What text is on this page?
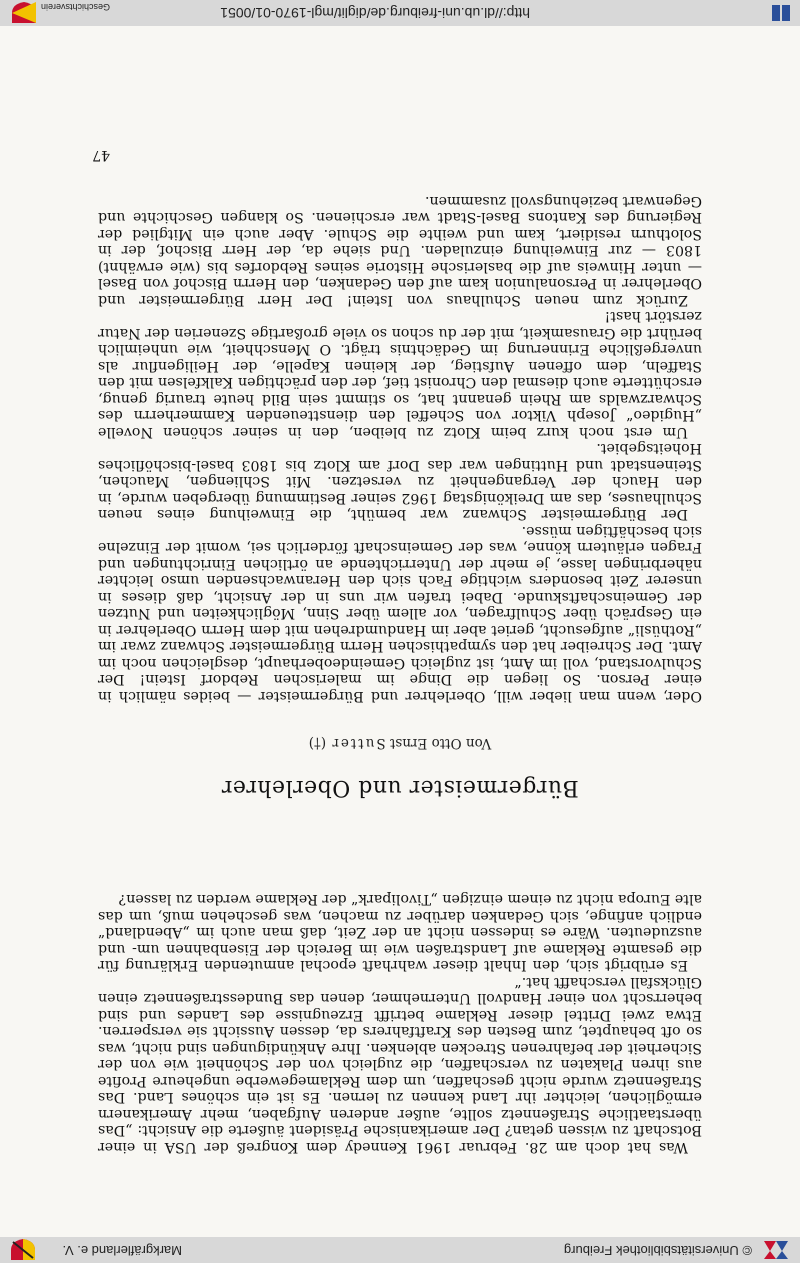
© Universitätsbibliothek Freiburg
Markgräflerland e. V.

Was hat doch am 28. Februar 1961 Kennedy dem Kongreß der USA in einer Botschaft zu wissen getan? Der amerikanische Präsident äußerte die Ansicht: „Das überstaatliche Straßennetz sollte, außer anderen Aufgaben, mehr Amerikanern ermöglichen, leichter ihr Land kennen zu lernen. Es ist ein schönes Land. Das Straßennetz wurde nicht geschaffen, um dem Reklamegewerbe ungeheure Profite aus ihren Plakaten zu verschaffen, die zugleich von der Schönheit wie von der Sicherheit der befahrenen Strecken ablenken. Ihre Ankündigungen sind nicht, was so oft behauptet, zum Besten des Kraftfahrers da, dessen Aussicht sie versperren. Etwa zwei Drittel dieser Reklame betrifft Erzeugnisse des Landes und sind beherrscht von einer Handvoll Unternehmer, denen das Bundesstraßennetz einen Glücksfall verschafft hat.“

Es erübrigt sich, den Inhalt dieser wahrhaft epochal anmutenden Erklärung für die gesamte Reklame auf Landstraßen wie im Bereich der Eisenbahnen um- und auszudeuten. Wäre es indessen nicht an der Zeit, daß man auch im „Abendland“ endlich anfinge, sich Gedanken darüber zu machen, was geschehen muß, um das alte Europa nicht zu einem einzigen „Tivolipark“ der Reklame werden zu lassen?

Bürgermeister und Oberlehrer
Von Otto Ernst Sutter (†)

Oder, wenn man lieber will, Oberlehrer und Bürgermeister — beides nämlich in einer Person. So liegen die Dinge im malerischen Rebdorf Istein! Der Schulvorstand, voll im Amt, ist zugleich Gemeindeoberhaupt, desgleichen noch im Amt. Der Schreiber hat den sympathischen Herrn Bürgermeister Schwanz zwar im „Rothüsli“ aufgesucht, geriet aber im Handumdrehen mit dem Herrn Oberlehrer in ein Gespräch über Schulfragen, vor allem über Sinn, Möglichkeiten und Nutzen der Gemeinschaftskunde. Dabei trafen wir uns in der Ansicht, daß dieses in unserer Zeit besonders wichtige Fach sich den Heranwachsenden umso leichter näherbringen lasse, je mehr der Unterrichtende an örtlichen Einrichtungen und Fragen erläutern könne, was der Gemeinschaft förderlich sei, womit der Einzelne sich beschäftigen müsse.

Der Bürgermeister Schwanz war bemüht, die Einweihung eines neuen Schulhauses, das am Dreikönigstag 1962 seiner Bestimmung übergeben wurde, in den Hauch der Vergangenheit zu versetzen. Mit Schliengen, Mauchen, Steinenstadt und Huttingen war das Dorf am Klotz bis 1803 basel-bischöfliches Hoheitsgebiet.

Um erst noch kurz beim Klotz zu bleiben, den in seiner schönen Novelle „Hugideo“ Joseph Viktor von Scheffel den dienstteuenden Kammerherrn des Schwarzwalds am Rhein genannt hat, so stimmt sein Bild heute traurig genug, erschütterte auch diesmal den Chronist tief, der den prächtigen Kalkfelsen mit den Staffeln, dem offenen Aufstieg, der kleinen Kapelle, der Heiligenflur als unvergeßliche Erinnerung im Gedächtnis trägt. O Menschheit, wie unheimlich berührt die Grausamkeit, mit der du schon so viele großartige Szenerien der Natur zerstört hast!

Zurück zum neuen Schulhaus von Istein! Der Herr Bürgermeister und Oberlehrer in Personalunion kam auf den Gedanken, den Herrn Bischof von Basel — unter Hinweis auf die baslerische Historie seines Rebdorfes bis (wie erwähnt) 1803 — zur Einweihung einzuladen. Und siehe da, der Herr Bischof, der in Solothurn residiert, kam und weihte die Schule. Aber auch ein Mitglied der Regierung des Kantons Basel-Stadt war erschienen. So klangen Geschichte und Gegenwart beziehungsvoll zusammen.

47
http://dl.ub.uni-freiburg.de/diglit/mgl-1970-01/0051
Geschichtsverein
